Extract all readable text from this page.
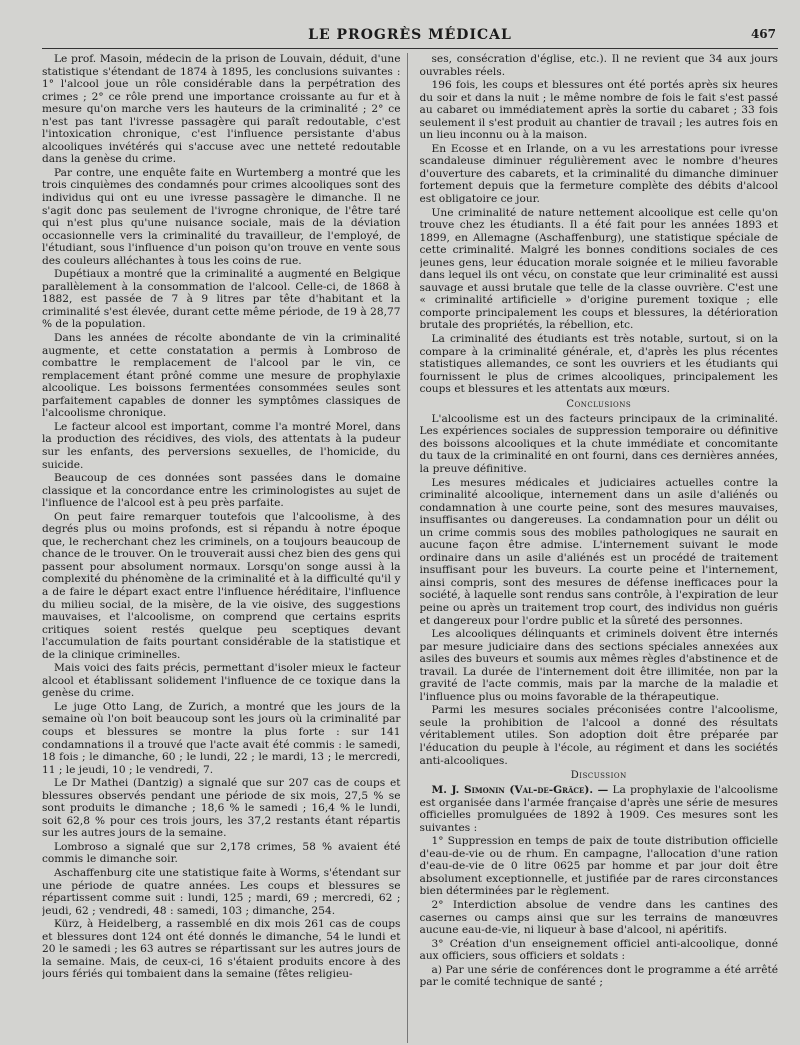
LE PROGRÈS MÉDICAL	467

Le prof. Masoin, médecin de la prison de Louvain, déduit, d'une statistique s'étendant de 1874 à 1895, les conclusions suivantes : 1° l'alcool joue un rôle considérable dans la perpétration des crimes ; 2° ce rôle prend une importance croissante au fur et à mesure qu'on marche vers les hauteurs de la criminalité ; 2° ce n'est pas tant l'ivresse passagère qui paraît redoutable, c'est l'intoxication chronique, c'est l'influence persistante d'abus alcooliques invétérés qui s'accuse avec une netteté redoutable dans la genèse du crime.

Par contre, une enquête faite en Wurtemberg a montré que les trois cinquièmes des condamnés pour crimes alcooliques sont des individus qui ont eu une ivresse passagère le dimanche. Il ne s'agit donc pas seulement de l'ivrogne chronique, de l'être taré qui n'est plus qu'une nuisance sociale, mais de la déviation occasionnelle vers la criminalité du travailleur, de l'employé, de l'étudiant, sous l'influence d'un poison qu'on trouve en vente sous des couleurs alléchantes à tous les coins de rue.

Dupétiaux a montré que la criminalité a augmenté en Belgique parallèlement à la consommation de l'alcool. Celle-ci, de 1868 à 1882, est passée de 7 à 9 litres par tête d'habitant et la criminalité s'est élevée, durant cette même période, de 19 à 28,77 % de la population.

Dans les années de récolte abondante de vin la criminalité augmente, et cette constatation a permis à Lombroso de combattre le remplacement de l'alcool par le vin, ce remplacement étant prôné comme une mesure de prophylaxie alcoolique. Les boissons fermentées consommées seules sont parfaitement capables de donner les symptômes classiques de l'alcoolisme chronique.

Le facteur alcool est important, comme l'a montré Morel, dans la production des récidives, des viols, des attentats à la pudeur sur les enfants, des perversions sexuelles, de l'homicide, du suicide.

Beaucoup de ces données sont passées dans le domaine classique et la concordance entre les criminologistes au sujet de l'influence de l'alcool est à peu près parfaite.

On peut faire remarquer toutefois que l'alcoolisme, à des degrés plus ou moins profonds, est si répandu à notre époque que, le recherchant chez les criminels, on a toujours beaucoup de chance de le trouver. On le trouverait aussi chez bien des gens qui passent pour absolument normaux. Lorsqu'on songe aussi à la complexité du phénomène de la criminalité et à la difficulté qu'il y a de faire le départ exact entre l'influence héréditaire, l'influence du milieu social, de la misère, de la vie oisive, des suggestions mauvaises, et l'alcoolisme, on comprend que certains esprits critiques soient restés quelque peu sceptiques devant l'accumulation de faits pourtant considérable de la statistique et de la clinique criminelles.

Mais voici des faits précis, permettant d'isoler mieux le facteur alcool et établissant solidement l'influence de ce toxique dans la genèse du crime.

Le juge Otto Lang, de Zurich, a montré que les jours de la semaine où l'on boit beaucoup sont les jours où la criminalité par coups et blessures se montre la plus forte : sur 141 condamnations il a trouvé que l'acte avait été commis : le samedi, 18 fois ; le dimanche, 60 ; le lundi, 22 ; le mardi, 13 ; le mercredi, 11 ; le jeudi, 10 ; le vendredi, 7.

Le Dr Mathei (Dantzig) a signalé que sur 207 cas de coups et blessures observés pendant une période de six mois, 27,5 % se sont produits le dimanche ; 18,6 % le samedi ; 16,4 % le lundi, soit 62,8 % pour ces trois jours, les 37,2 restants étant répartis sur les autres jours de la semaine.

Lombroso a signalé que sur 2,178 crimes, 58 % avaient été commis le dimanche soir.

Aschaffenburg cite une statistique faite à Worms, s'étendant sur une période de quatre années. Les coups et blessures se répartissent comme suit : lundi, 125 ; mardi, 69 ; mercredi, 62 ; jeudi, 62 ; vendredi, 48 : samedi, 103 ; dimanche, 254.

Kürz, à Heidelberg, a rassemblé en dix mois 261 cas de coups et blessures dont 124 ont été donnés le dimanche, 54 le lundi et 20 le samedi ; les 63 autres se répartissant sur les autres jours de la semaine. Mais, de ceux-ci, 16 s'étaient produits encore à des jours fériés qui tombaient dans la semaine (fêtes religieu-

ses, consécration d'église, etc.). Il ne revient que 34 aux jours ouvrables réels.

196 fois, les coups et blessures ont été portés après six heures du soir et dans la nuit ; le même nombre de fois le fait s'est passé au cabaret ou immédiatement après la sortie du cabaret ; 33 fois seulement il s'est produit au chantier de travail ; les autres fois en un lieu inconnu ou à la maison.

En Ecosse et en Irlande, on a vu les arrestations pour ivresse scandaleuse diminuer régulièrement avec le nombre d'heures d'ouverture des cabarets, et la criminalité du dimanche diminuer fortement depuis que la fermeture complète des débits d'alcool est obligatoire ce jour.

Une criminalité de nature nettement alcoolique est celle qu'on trouve chez les étudiants. Il a été fait pour les années 1893 et 1899, en Allemagne (Aschaffenburg), une statistique spéciale de cette criminalité. Malgré les bonnes conditions sociales de ces jeunes gens, leur éducation morale soignée et le milieu favorable dans lequel ils ont vécu, on constate que leur criminalité est aussi sauvage et aussi brutale que telle de la classe ouvrière. C'est une « criminalité artificielle » d'origine purement toxique ; elle comporte principalement les coups et blessures, la détérioration brutale des propriétés, la rébellion, etc.

La criminalité des étudiants est très notable, surtout, si on la compare à la criminalité générale, et, d'après les plus récentes statistiques allemandes, ce sont les ouvriers et les étudiants qui fournissent le plus de crimes alcooliques, principalement les coups et blessures et les attentats aux mœurs.

Conclusions

L'alcoolisme est un des facteurs principaux de la criminalité. Les expériences sociales de suppression temporaire ou définitive des boissons alcooliques et la chute immédiate et concomitante du taux de la criminalité en ont fourni, dans ces dernières années, la preuve définitive.

Les mesures médicales et judiciaires actuelles contre la criminalité alcoolique, internement dans un asile d'aliénés ou condamnation à une courte peine, sont des mesures mauvaises, insuffisantes ou dangereuses. La condamnation pour un délit ou un crime commis sous des mobiles pathologiques ne saurait en aucune façon être admise. L'internement suivant le mode ordinaire dans un asile d'aliénés est un procédé de traitement insuffisant pour les buveurs. La courte peine et l'internement, ainsi compris, sont des mesures de défense inefficaces pour la société, à laquelle sont rendus sans contrôle, à l'expiration de leur peine ou après un traitement trop court, des individus non guéris et dangereux pour l'ordre public et la sûreté des personnes.

Les alcooliques délinquants et criminels doivent être internés par mesure judiciaire dans des sections spéciales annexées aux asiles des buveurs et soumis aux mêmes règles d'abstinence et de travail. La durée de l'internement doit être illimitée, non par la gravité de l'acte commis, mais par la marche de la maladie et l'influence plus ou moins favorable de la thérapeutique.

Parmi les mesures sociales préconisées contre l'alcoolisme, seule la prohibition de l'alcool a donné des résultats véritablement utiles. Son adoption doit être préparée par l'éducation du peuple à l'école, au régiment et dans les sociétés anti-alcooliques.

Discussion

M. J. Simonin (Val-de-Grâce). — La prophylaxie de l'alcoolisme est organisée dans l'armée française d'après une série de mesures officielles promulguées de 1892 à 1909. Ces mesures sont les suivantes :

1° Suppression en temps de paix de toute distribution officielle d'eau-de-vie ou de rhum. En campagne, l'allocation d'une ration d'eau-de-vie de 0 litre 0625 par homme et par jour doit être absolument exceptionnelle, et justifiée par de rares circonstances bien déterminées par le règlement.

2° Interdiction absolue de vendre dans les cantines des casernes ou camps ainsi que sur les terrains de manœuvres aucune eau-de-vie, ni liqueur à base d'alcool, ni apéritifs.

3° Création d'un enseignement officiel anti-alcoolique, donné aux officiers, sous officiers et soldats :

a) Par une série de conférences dont le programme a été arrêté par le comité technique de santé ;
